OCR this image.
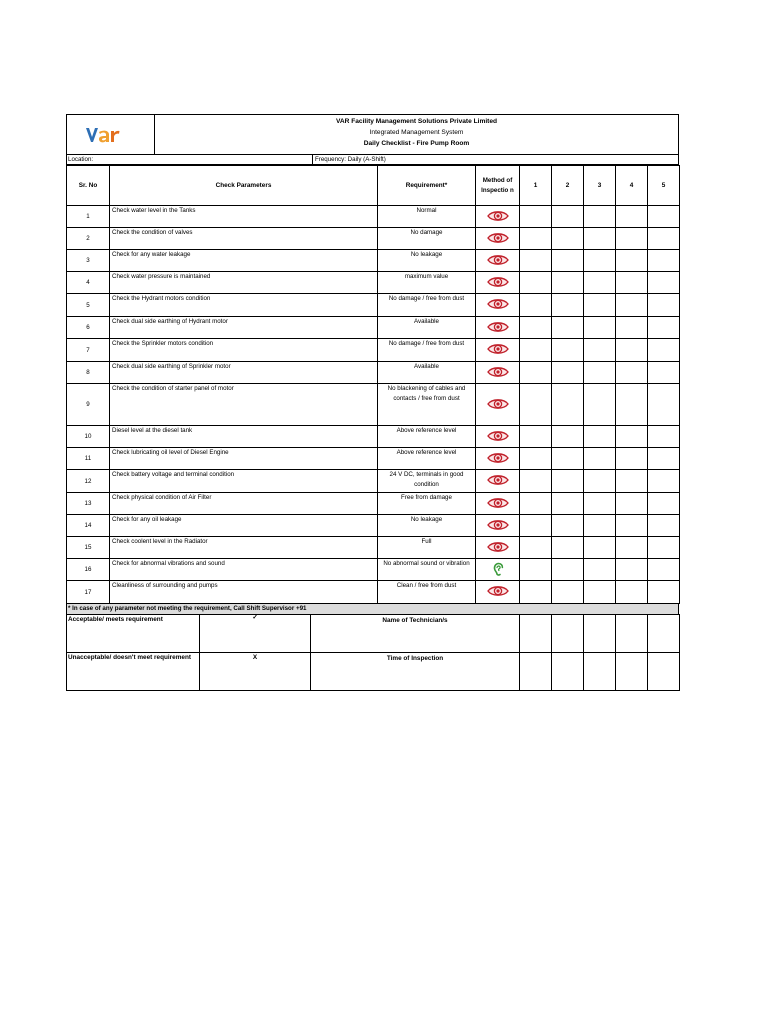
VAR Facility Management Solutions Private Limited
Integrated Management System
Daily Checklist - Fire Pump Room
Location:	Frequency: Daily (A-Shift)
Sr. No	Check Parameters	Requirement*	Method of Inspectio n	1	2	3	4	5
1	Check water level in the Tanks	Normal						
2	Check the condition of valves	No damage						
3	Check for any water leakage	No leakage						
4	Check water pressure is maintained	maximum value						
5	Check the Hydrant motors condition	No damage / free from dust						
6	Check dual side earthing of Hydrant motor	Available						
7	Check the Sprinkler motors condition	No damage / free from dust						
8	Check dual side earthing of Sprinkler motor	Available						
9	Check the condition of starter panel of motor	No blackening of cables and contacts / free from dust						
10	Diesel level at the diesel tank	Above reference level						
11	Check lubricating oil level of Diesel Engine	Above reference level						
12	Check battery voltage and terminal condition	24 V DC, terminals in good condition						
13	Check physical condition of Air Filter	Free from damage						
14	Check for any oil leakage	No leakage						
15	Check coolent level in the Radiator	Full						
16	Check for abnormal vibrations and sound	No abnormal sound or vibration						
17	Cleanliness of surrounding and pumps	Clean / free from dust						
* In case of any parameter not meeting the requirement, Call Shift Supervisor +91
Acceptable/ meets requirement	✓	Name of Technician/s					
Unacceptable/ doesn't meet requirement	X	Time of Inspection					
